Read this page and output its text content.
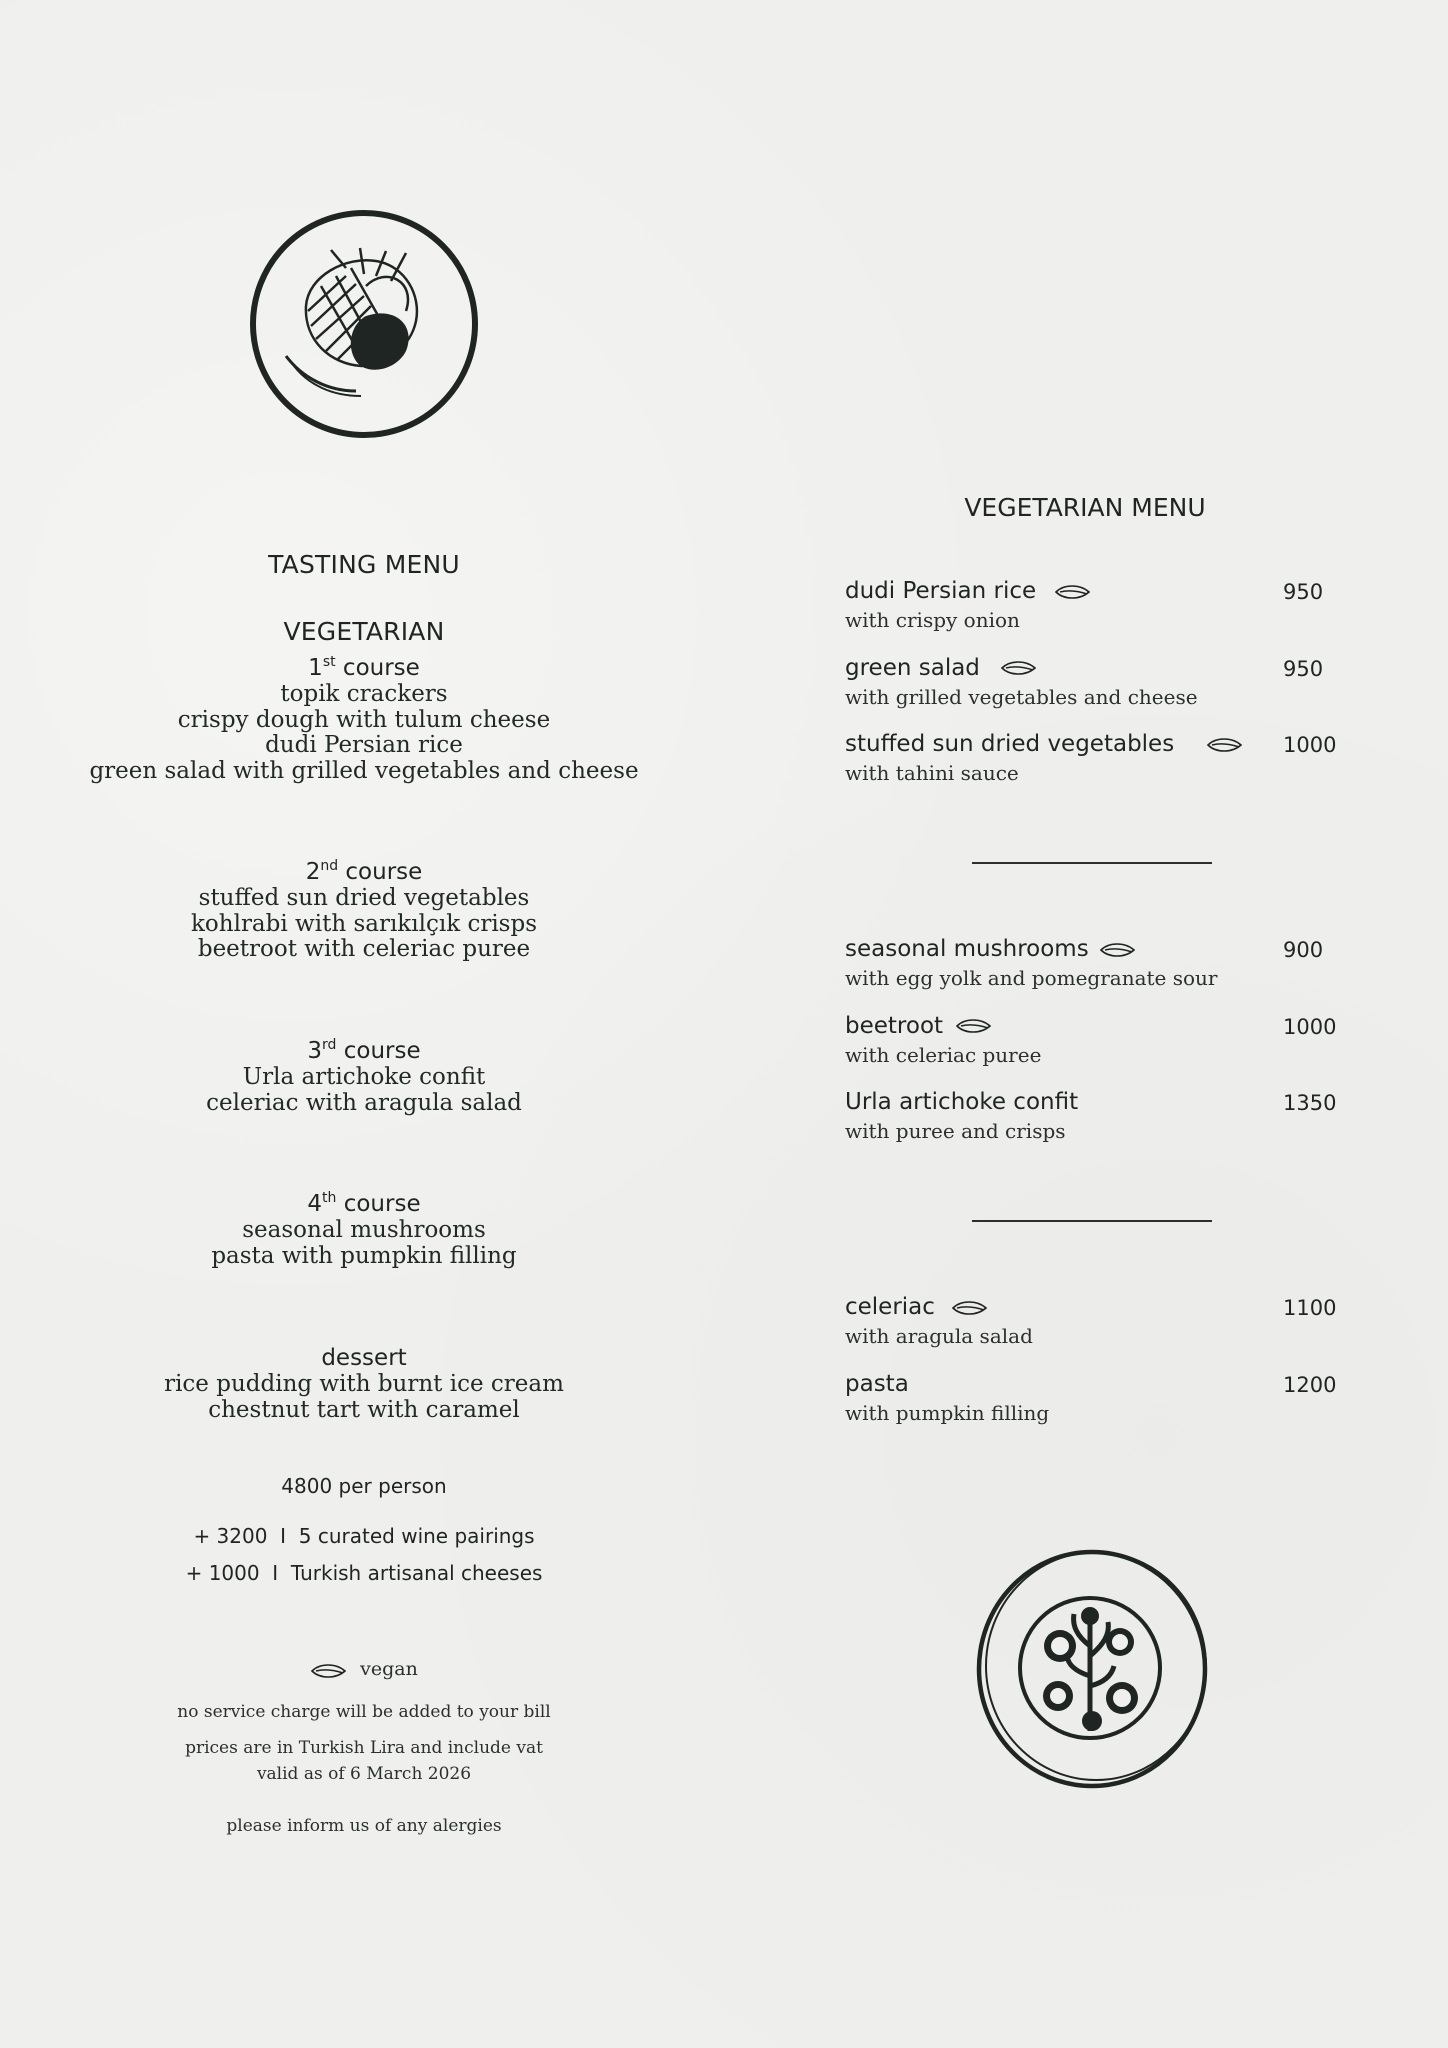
TASTING MENU
VEGETARIAN
1st course
topik crackers
crispy dough with tulum cheese
dudi Persian rice
green salad with grilled vegetables and cheese
2nd course
stuffed sun dried vegetables
kohlrabi with sarıkılçık crisps
beetroot with celeriac puree
3rd course
Urla artichoke confit
celeriac with aragula salad
4th course
seasonal mushrooms
pasta with pumpkin filling
dessert
rice pudding with burnt ice cream
chestnut tart with caramel
4800 per person
+ 3200  I  5 curated wine pairings
+ 1000  I  Turkish artisanal cheeses
vegan
no service charge will be added to your bill
prices are in Turkish Lira and include vat
valid as of 6 March 2026
please inform us of any alergies
VEGETARIAN MENU
dudi Persian rice	950
with crispy onion
green salad	950
with grilled vegetables and cheese
stuffed sun dried vegetables	1000
with tahini sauce
seasonal mushrooms	900
with egg yolk and pomegranate sour
beetroot	1000
with celeriac puree
Urla artichoke confit	1350
with puree and crisps
celeriac	1100
with aragula salad
pasta	1200
with pumpkin filling
